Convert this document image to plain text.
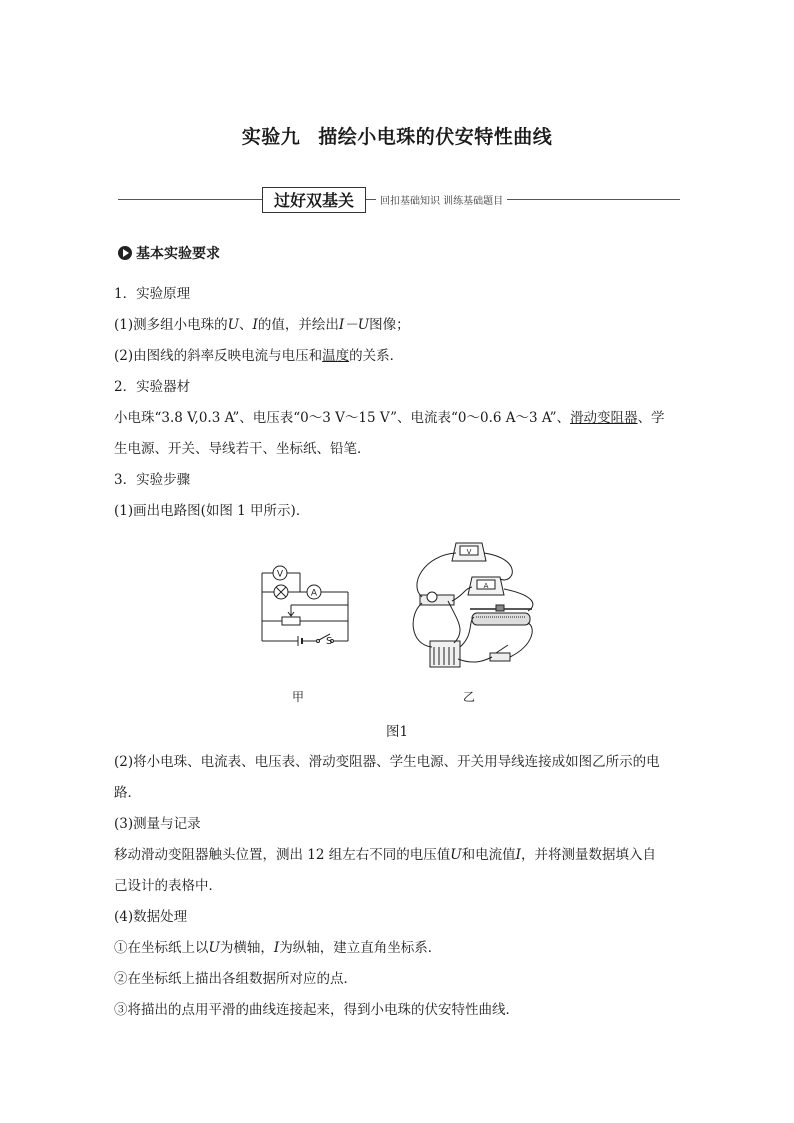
实验九 描绘小电珠的伏安特性曲线
过好双基关	回扣基础知识 训练基础题目
基本实验要求
1．实验原理
(1)测多组小电珠的U、I的值，并绘出I－U图像；
(2)由图线的斜率反映电流与电压和温度的关系．
2．实验器材
小电珠“3.8 V,0.3 A”、电压表“0～3 V～15 V”、电流表“0～0.6 A～3 A”、滑动变阻器、学
生电源、开关、导线若干、坐标纸、铅笔．
3．实验步骤
(1)画出电路图(如图 1 甲所示)．
V
A
S
V
A
甲	乙
图1
(2)将小电珠、电流表、电压表、滑动变阻器、学生电源、开关用导线连接成如图乙所示的电
路．
(3)测量与记录
移动滑动变阻器触头位置，测出 12 组左右不同的电压值U和电流值I，并将测量数据填入自
己设计的表格中．
(4)数据处理
①在坐标纸上以U为横轴，I为纵轴，建立直角坐标系．
②在坐标纸上描出各组数据所对应的点．
③将描出的点用平滑的曲线连接起来，得到小电珠的伏安特性曲线．
